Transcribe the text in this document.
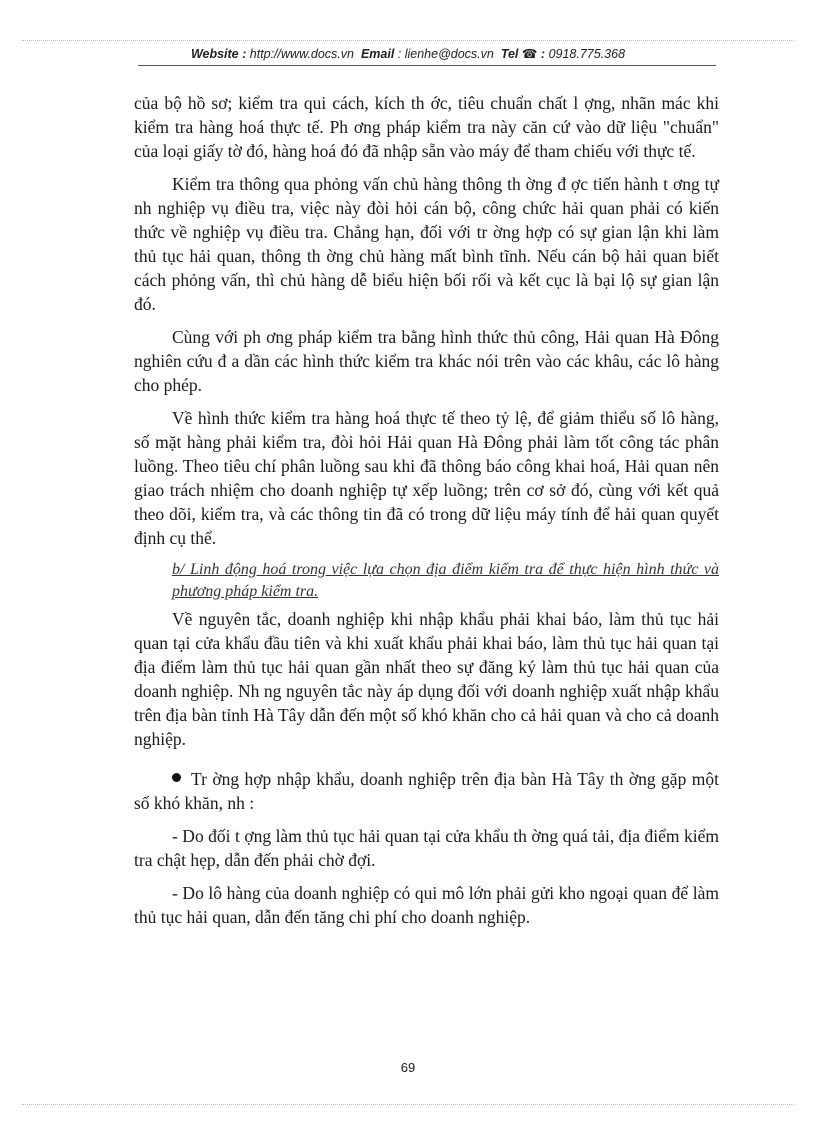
Website : http://www.docs.vn Email : lienhe@docs.vn Tel ☎ : 0918.775.368

của bộ hồ sơ; kiểm tra qui cách, kích th ớc, tiêu chuẩn chất l ợng, nhãn mác khi kiểm tra hàng hoá thực tế. Ph ơng pháp kiểm tra này căn cứ vào dữ liệu "chuẩn" của loại giấy tờ đó, hàng hoá đó đã nhập sẵn vào máy để tham chiếu với thực tế.

Kiểm tra thông qua phỏng vấn chủ hàng thông th ờng đ ợc tiến hành t ơng tự nh nghiệp vụ điều tra, việc này đòi hỏi cán bộ, công chức hải quan phải có kiến thức về nghiệp vụ điều tra. Chẳng hạn, đối với tr ờng hợp có sự gian lận khi làm thủ tục hải quan, thông th ờng chủ hàng mất bình tĩnh. Nếu cán bộ hải quan biết cách phỏng vấn, thì chủ hàng dễ biểu hiện bối rối và kết cục là bại lộ sự gian lận đó.

Cùng với ph ơng pháp kiểm tra bằng hình thức thủ công, Hải quan Hà Đông nghiên cứu đ a dần các hình thức kiểm tra khác nói trên vào các khâu, các lô hàng cho phép.

Về hình thức kiểm tra hàng hoá thực tế theo tỷ lệ, để giảm thiểu số lô hàng, số mặt hàng phải kiểm tra, đòi hỏi Hải quan Hà Đông phải làm tốt công tác phân luồng. Theo tiêu chí phân luồng sau khi đã thông báo công khai hoá, Hải quan nên giao trách nhiệm cho doanh nghiệp tự xếp luồng; trên cơ sở đó, cùng với kết quả theo dõi, kiểm tra, và các thông tin đã có trong dữ liệu máy tính để hải quan quyết định cụ thể.

b/ Linh động hoá trong việc lựa chọn địa điểm kiểm tra để thực hiện hình thức và phương pháp kiểm tra.

Về nguyên tắc, doanh nghiệp khi nhập khẩu phải khai báo, làm thủ tục hải quan tại cửa khẩu đầu tiên và khi xuất khẩu phải khai báo, làm thủ tục hải quan tại địa điểm làm thủ tục hải quan gần nhất theo sự đăng ký làm thủ tục hải quan của doanh nghiệp. Nh ng nguyên tắc này áp dụng đối với doanh nghiệp xuất nhập khẩu trên địa bàn tỉnh Hà Tây dẫn đến một số khó khăn cho cả hải quan và cho cả doanh nghiệp.

Tr ờng hợp nhập khẩu, doanh nghiệp trên địa bàn Hà Tây th ờng gặp một số khó khăn, nh :

- Do đối t ợng làm thủ tục hải quan tại cửa khẩu th ờng quá tải, địa điểm kiểm tra chật hẹp, dẫn đến phải chờ đợi.

- Do lô hàng của doanh nghiệp có qui mô lớn phải gửi kho ngoại quan để làm thủ tục hải quan, dẫn đến tăng chi phí cho doanh nghiệp.

69
